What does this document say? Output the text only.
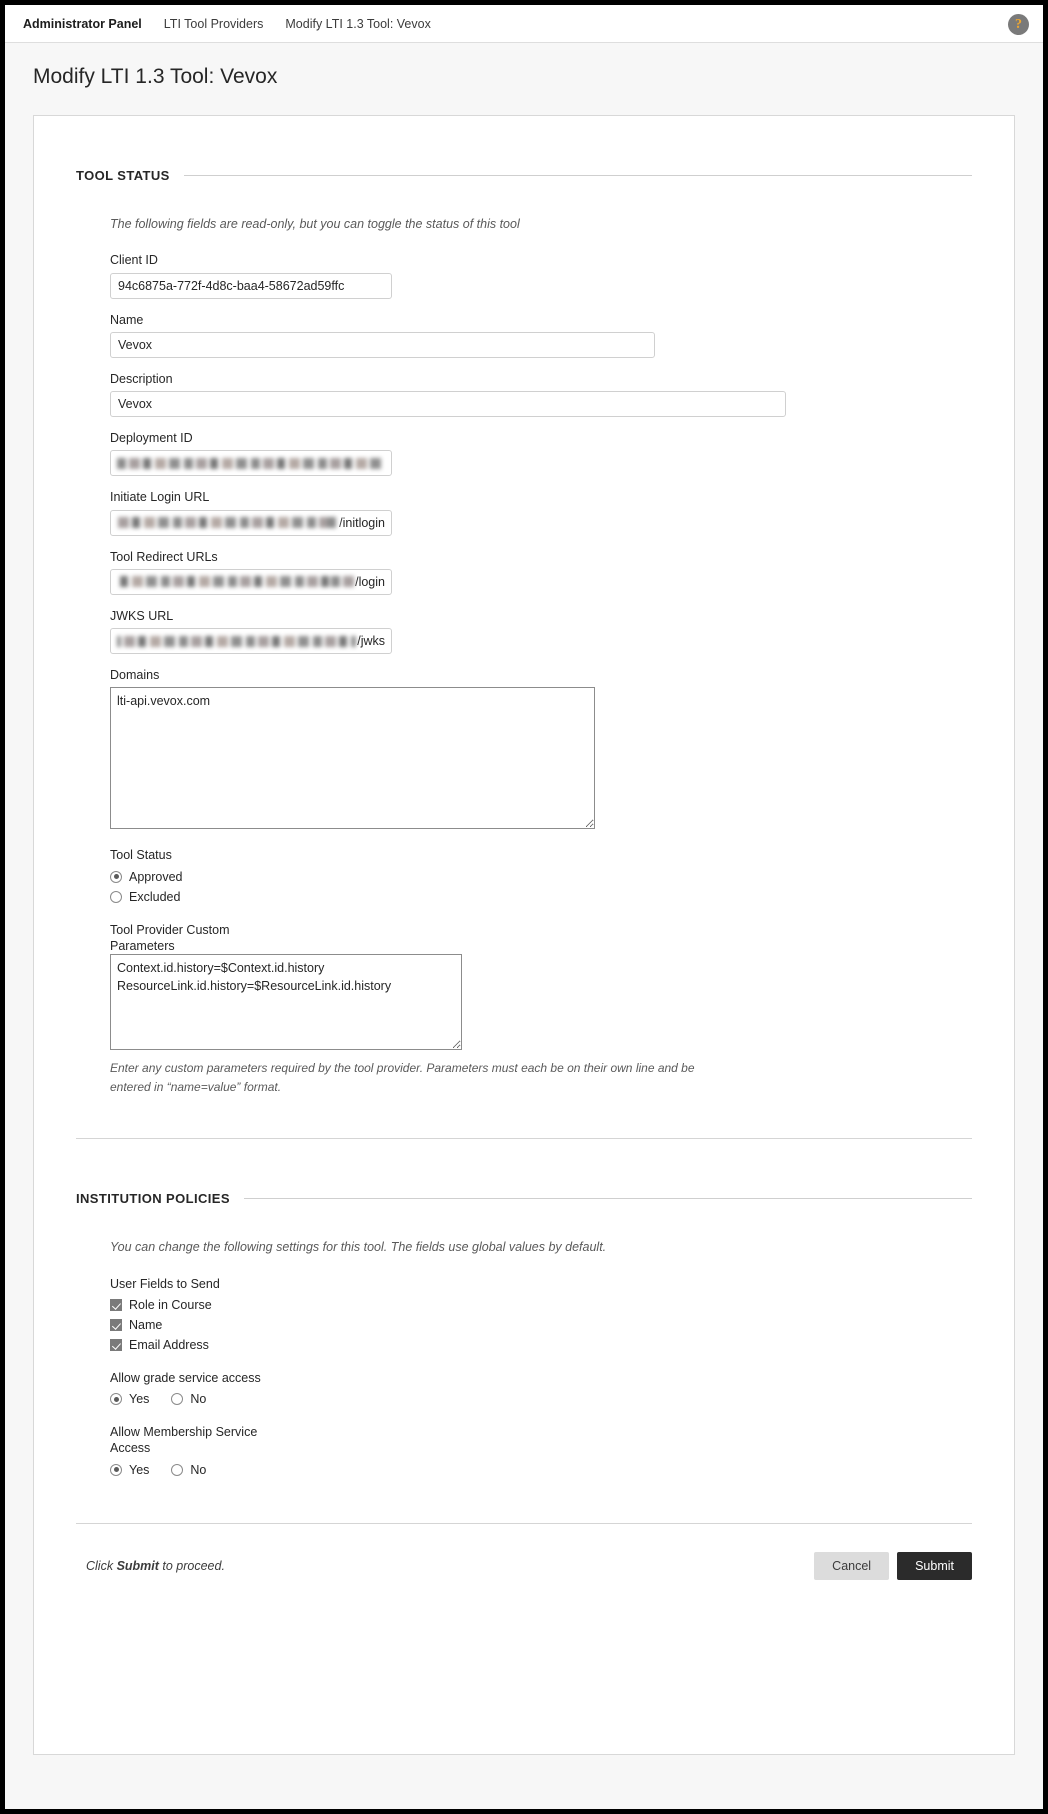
Administrator Panel LTI Tool Providers Modify LTI 1.3 Tool: Vevox	?
Modify LTI 1.3 Tool: Vevox
TOOL STATUS
The following fields are read-only, but you can toggle the status of this tool
Client ID
94c6875a-772f-4d8c-baa4-58672ad59ffc
Name
Vevox
Description
Vevox
Deployment ID
Initiate Login URL
/initlogin
Tool Redirect URLs
/login
JWKS URL
/jwks
Domains
lti-api.vevox.com
Tool Status
Approved
Excluded
Tool Provider Custom
Parameters
Context.id.history=$Context.id.history ResourceLink.id.history=$ResourceLink.id.history
Enter any custom parameters required by the tool provider. Parameters must each be on their own line and be entered in “name=value” format.
INSTITUTION POLICIES
You can change the following settings for this tool. The fields use global values by default.
User Fields to Send
Role in Course
Name
Email Address
Allow grade service access
Yes	No
Allow Membership Service
Access
Yes	No
Click Submit to proceed.	Cancel	Submit
